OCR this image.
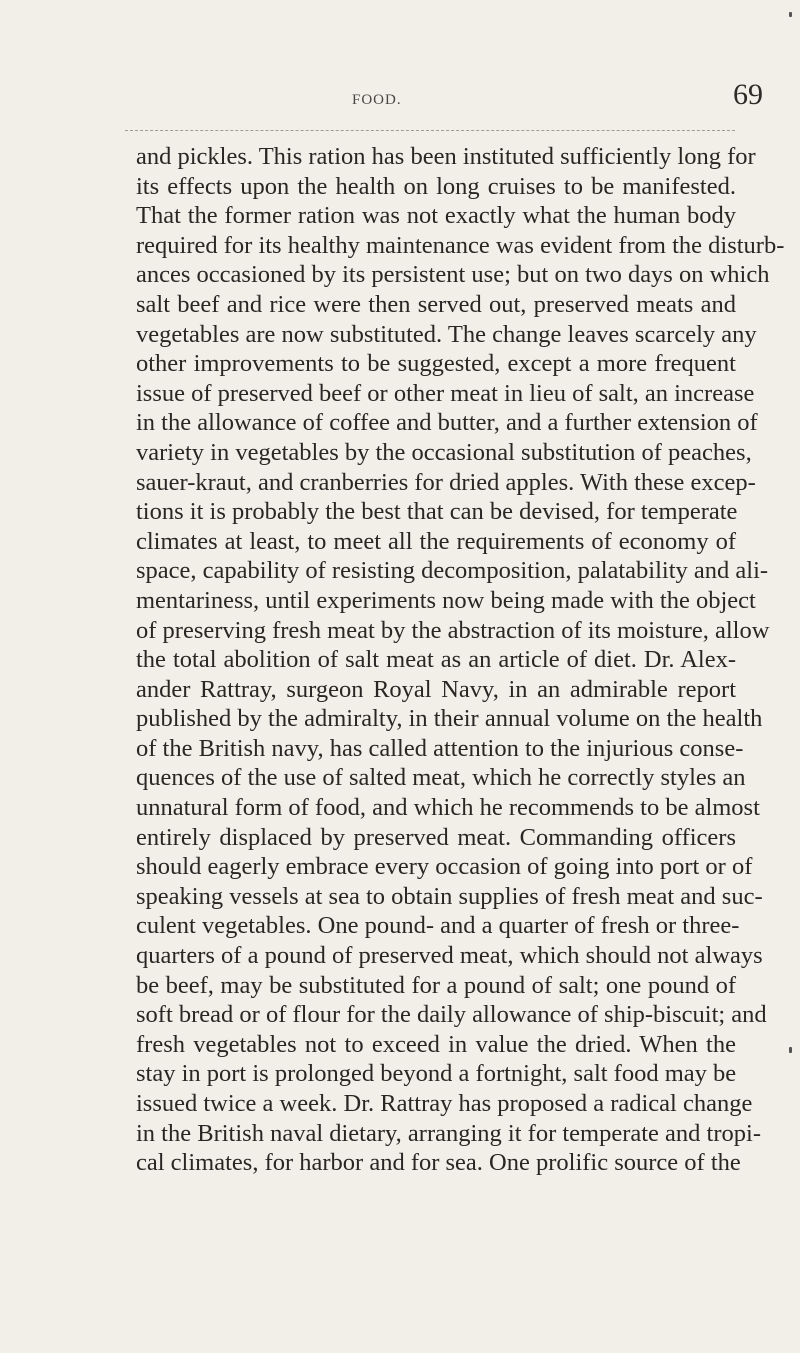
FOOD.	69
and pickles. This ration has been instituted sufficiently long for
its effects upon the health on long cruises to be manifested.
That the former ration was not exactly what the human body
required for its healthy maintenance was evident from the disturb-
ances occasioned by its persistent use; but on two days on which
salt beef and rice were then served out, preserved meats and
vegetables are now substituted. The change leaves scarcely any
other improvements to be suggested, except a more frequent
issue of preserved beef or other meat in lieu of salt, an increase
in the allowance of coffee and butter, and a further extension of
variety in vegetables by the occasional substitution of peaches,
sauer-kraut, and cranberries for dried apples. With these excep-
tions it is probably the best that can be devised, for temperate
climates at least, to meet all the requirements of economy of
space, capability of resisting decomposition, palatability and ali-
mentariness, until experiments now being made with the object
of preserving fresh meat by the abstraction of its moisture, allow
the total abolition of salt meat as an article of diet. Dr. Alex-
ander Rattray, surgeon Royal Navy, in an admirable report
published by the admiralty, in their annual volume on the health
of the British navy, has called attention to the injurious conse-
quences of the use of salted meat, which he correctly styles an
unnatural form of food, and which he recommends to be almost
entirely displaced by preserved meat. Commanding officers
should eagerly embrace every occasion of going into port or of
speaking vessels at sea to obtain supplies of fresh meat and suc-
culent vegetables. One pound- and a quarter of fresh or three-
quarters of a pound of preserved meat, which should not always
be beef, may be substituted for a pound of salt; one pound of
soft bread or of flour for the daily allowance of ship-biscuit; and
fresh vegetables not to exceed in value the dried. When the
stay in port is prolonged beyond a fortnight, salt food may be
issued twice a week. Dr. Rattray has proposed a radical change
in the British naval dietary, arranging it for temperate and tropi-
cal climates, for harbor and for sea. One prolific source of the
